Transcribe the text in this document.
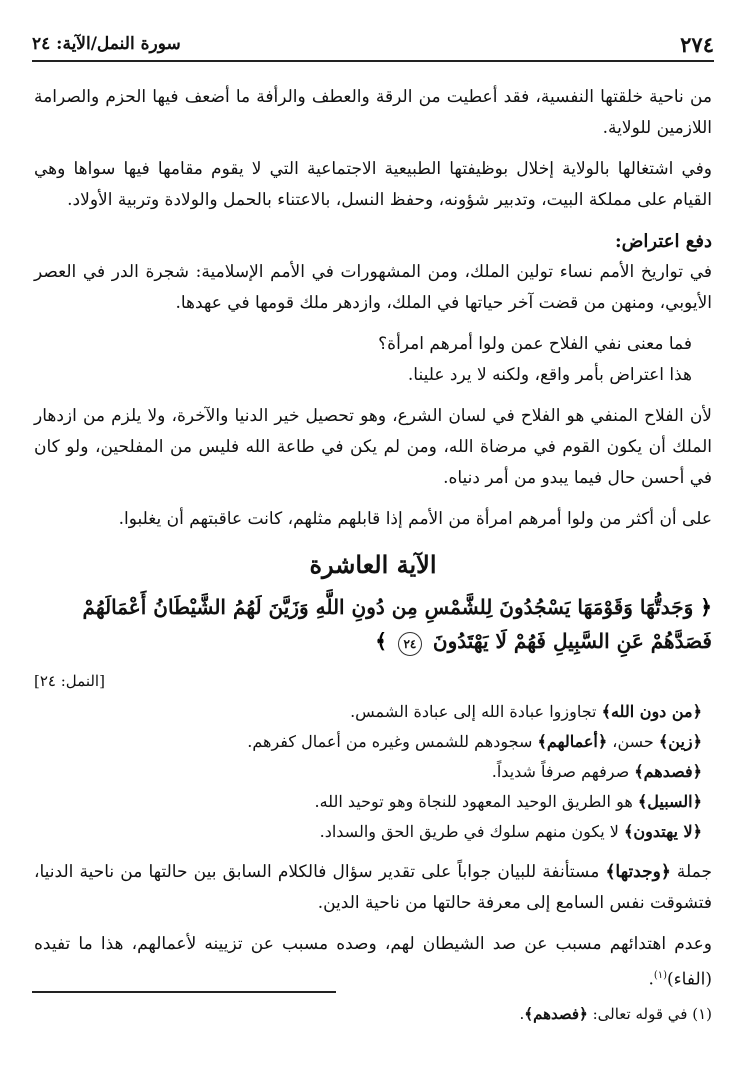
٢٧٤
سورة النمل/الآية: ٢٤

من ناحية خلقتها النفسية، فقد أعطيت من الرقة والعطف والرأفة ما أضعف فيها الحزم والصرامة اللازمين للولاية.

وفي اشتغالها بالولاية إخلال بوظيفتها الطبيعية الاجتماعية التي لا يقوم مقامها فيها سواها وهي القيام على مملكة البيت، وتدبير شؤونه، وحفظ النسل، بالاعتناء بالحمل والولادة وتربية الأولاد.

دفع اعتراض:

في تواريخ الأمم نساء تولين الملك، ومن المشهورات في الأمم الإسلامية: شجرة الدر في العصر الأيوبي، ومنهن من قضت آخر حياتها في الملك، وازدهر ملك قومها في عهدها.

فما معنى نفي الفلاح عمن ولوا أمرهم امرأة؟

هذا اعتراض بأمر واقع، ولكنه لا يرد علينا.

لأن الفلاح المنفي هو الفلاح في لسان الشرع، وهو تحصيل خير الدنيا والآخرة، ولا يلزم من ازدهار الملك أن يكون القوم في مرضاة الله، ومن لم يكن في طاعة الله فليس من المفلحين، ولو كان في أحسن حال فيما يبدو من أمر دنياه.

على أن أكثر من ولوا أمرهم امرأة من الأمم إذا قابلهم مثلهم، كانت عاقبتهم أن يغلبوا.

الآية العاشرة

﴿ وَجَدتُّهَا وَقَوْمَهَا يَسْجُدُونَ لِلشَّمْسِ مِن دُونِ اللَّهِ وَزَيَّنَ لَهُمُ الشَّيْطَانُ أَعْمَالَهُمْ فَصَدَّهُمْ عَنِ السَّبِيلِ فَهُمْ لَا يَهْتَدُونَ ٢٤ ﴾

[النمل: ٢٤]

﴿من دون الله﴾ تجاوزوا عبادة الله إلى عبادة الشمس.

﴿زين﴾ حسن، ﴿أعمالهم﴾ سجودهم للشمس وغيره من أعمال كفرهم.

﴿فصدهم﴾ صرفهم صرفاً شديداً.

﴿السبيل﴾ هو الطريق الوحيد المعهود للنجاة وهو توحيد الله.

﴿لا يهتدون﴾ لا يكون منهم سلوك في طريق الحق والسداد.

جملة ﴿وجدتها﴾ مستأنفة للبيان جواباً على تقدير سؤال فالكلام السابق بين حالتها من ناحية الدنيا، فتشوقت نفس السامع إلى معرفة حالتها من ناحية الدين.

وعدم اهتدائهم مسبب عن صد الشيطان لهم، وصده مسبب عن تزيينه لأعمالهم، هذا ما تفيده (الفاء)$^{(١)}$.

(١) في قوله تعالى: ﴿فصدهم﴾.
